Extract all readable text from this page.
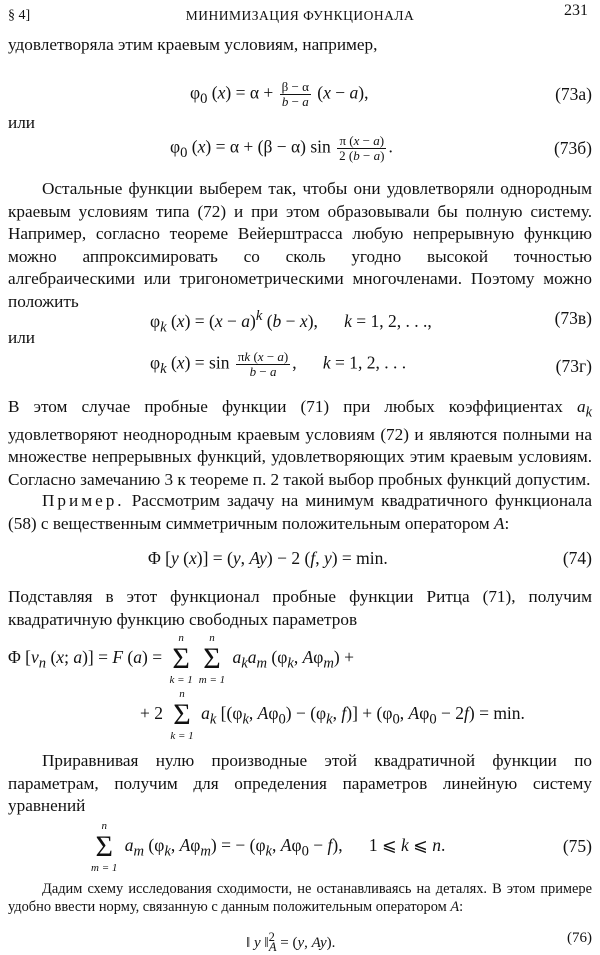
§ 4]	МИНИМИЗАЦИЯ ФУНКЦИОНАЛА	231
удовлетворяла этим краевым условиям, например,
$\varphi_0$ $(x) = \alpha + \frac{\beta - \alpha}{b - a} (x - a)$,	(73а)
или
$\varphi_0$ (x) = α + (β − α) $\sin \frac{\pi (x - a)}{2 (b - a)}$ .	(73б)
Остальные функции выберем так, чтобы они удовлетворяли однородным краевым условиям типа (72) и при этом образовывали бы полную систему. Например, согласно теореме Вейерштрасса любую непрерывную функцию можно аппроксимировать со сколь угодно высокой точностью алгебраическими или тригонометрическими многочленами. Поэтому можно положить
$\varphi_k$ $(x) = (x - a)^k$ (b − x),      k = 1, 2, . . .,	(73в)
или
$\varphi_k$ $(x) = \sin \frac{\pi k (x - a)}{b - a}$ ,      k = 1, 2, . . .	(73г)
В этом случае пробные функции (71) при любых коэффициентах $a_k$ удовлетворяют неоднородным краевым условиям (72) и являются полными на множестве непрерывных функций, удовлетворяющих этим краевым условиям. Согласно замечанию 3 к теореме п. 2 такой выбор пробных функций допустим.
Пример. Рассмотрим задачу на минимум квадратичного функционала (58) с вещественным симметричным положительным оператором A:
Φ [y (x)] = (y, Ay) − 2 (f, y) = min.	(74)
Подставляя в этот функционал пробные функции Ритца (71), получим квадратичную функцию свободных параметров
Φ [$v_n$ (x; a)] = F (a) =
n
Σ
k = 1
n
Σ
m = 1
$a_ka_m$ ($\varphi_k$, $A\varphi_m$) +
+ 2
n
Σ
k = 1
$a_k$ [($\varphi_k$, $A\varphi_0) - (\varphi_k$, $f)] + (\varphi_0$, $A\varphi_0 - 2f) = \min$.
Приравнивая нулю производные этой квадратичной функции по параметрам, получим для определения параметров линейную систему уравнений
n
Σ
m = 1
$a_m$ ($\varphi_k$, $A\varphi_m$) = − ($\varphi_k$, $A\varphi_0 - f$),      1 ⩽ k ⩽ n.	(75)
Дадим схему исследования сходимости, не останавливаясь на деталях. В этом примере удобно ввести норму, связанную с данным положительным оператором A:
‖ y ‖$^2_A$ = (y, Ay).	(76)
